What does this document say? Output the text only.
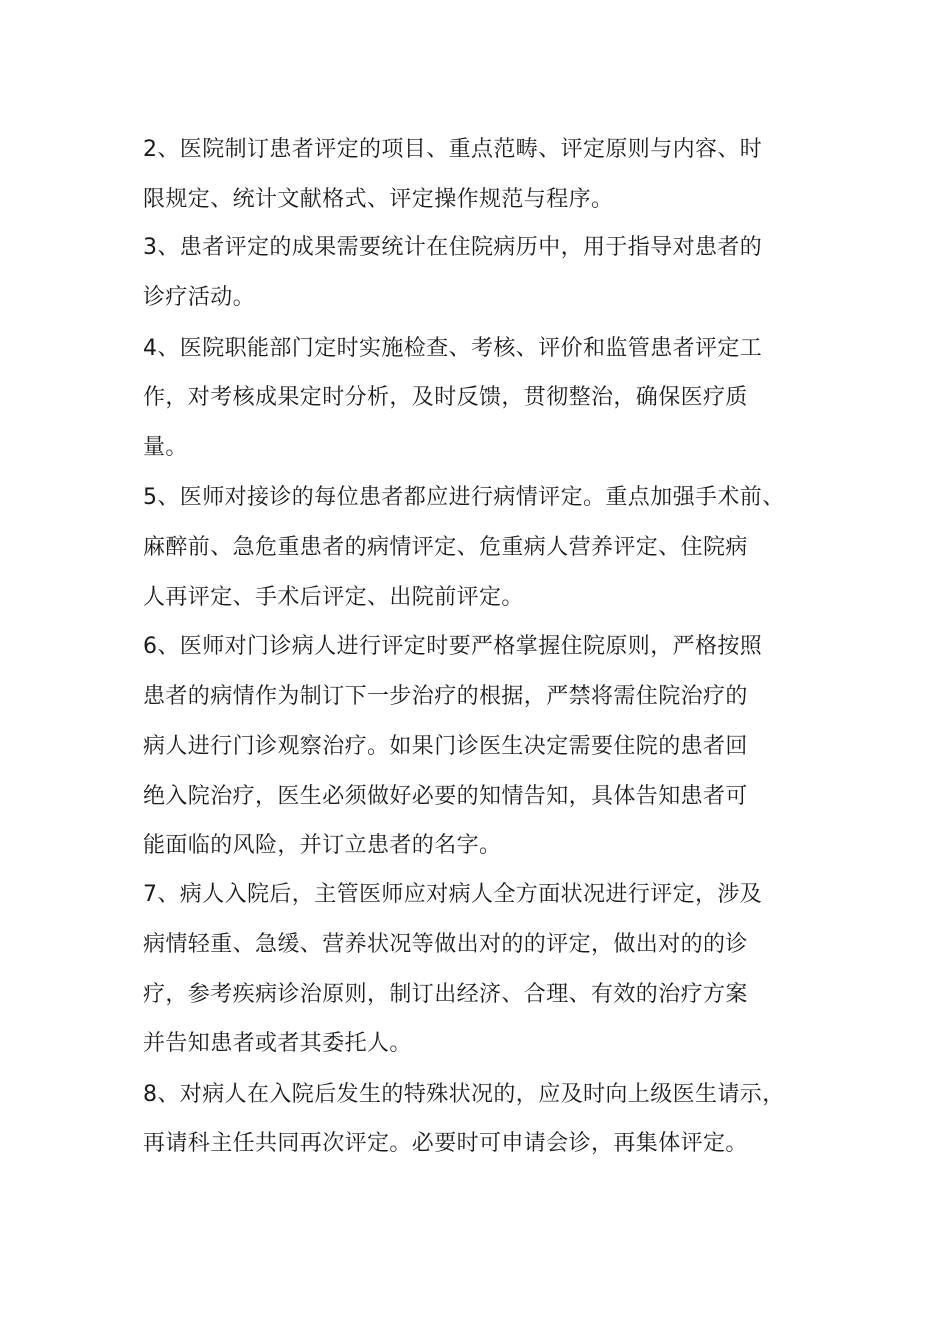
2、医院制订患者评定的项目、重点范畴、评定原则与内容、时
限规定、统计文献格式、评定操作规范与程序。
3、患者评定的成果需要统计在住院病历中，用于指导对患者的
诊疗活动。
4、医院职能部门定时实施检查、考核、评价和监管患者评定工
作，对考核成果定时分析，及时反馈，贯彻整治，确保医疗质
量。
5、医师对接诊的每位患者都应进行病情评定。重点加强手术前、
麻醉前、急危重患者的病情评定、危重病人营养评定、住院病
人再评定、手术后评定、出院前评定。
6、医师对门诊病人进行评定时要严格掌握住院原则，严格按照
患者的病情作为制订下一步治疗的根据，严禁将需住院治疗的
病人进行门诊观察治疗。如果门诊医生决定需要住院的患者回
绝入院治疗，医生必须做好必要的知情告知，具体告知患者可
能面临的风险，并订立患者的名字。
7、病人入院后，主管医师应对病人全方面状况进行评定，涉及
病情轻重、急缓、营养状况等做出对的的评定，做出对的的诊
疗，参考疾病诊治原则，制订出经济、合理、有效的治疗方案
并告知患者或者其委托人。
8、对病人在入院后发生的特殊状况的，应及时向上级医生请示，
再请科主任共同再次评定。必要时可申请会诊，再集体评定。
